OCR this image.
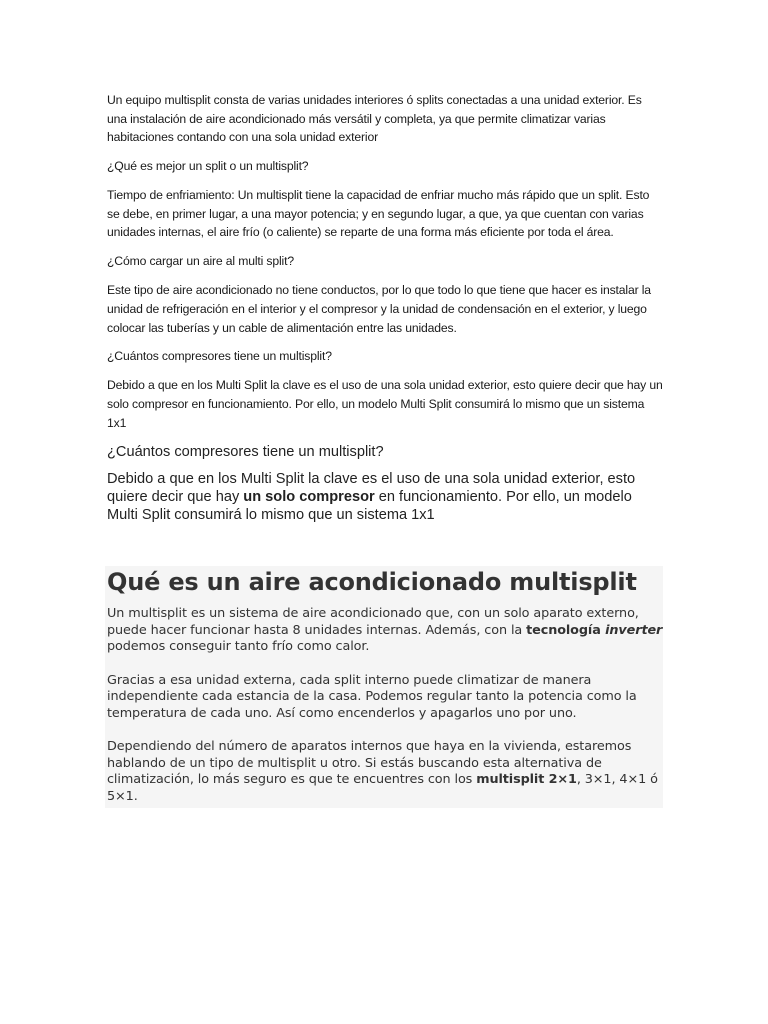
Un equipo multisplit consta de varias unidades interiores ó splits conectadas a una unidad exterior. Es una instalación de aire acondicionado más versátil y completa, ya que permite climatizar varias habitaciones contando con una sola unidad exterior

¿Qué es mejor un split o un multisplit?

Tiempo de enfriamiento: Un multisplit tiene la capacidad de enfriar mucho más rápido que un split. Esto se debe, en primer lugar, a una mayor potencia; y en segundo lugar, a que, ya que cuentan con varias unidades internas, el aire frío (o caliente) se reparte de una forma más eficiente por toda el área.

¿Cómo cargar un aire al multi split?

Este tipo de aire acondicionado no tiene conductos, por lo que todo lo que tiene que hacer es instalar la unidad de refrigeración en el interior y el compresor y la unidad de condensación en el exterior, y luego colocar las tuberías y un cable de alimentación entre las unidades.

¿Cuántos compresores tiene un multisplit?

Debido a que en los Multi Split la clave es el uso de una sola unidad exterior, esto quiere decir que hay un solo compresor en funcionamiento. Por ello, un modelo Multi Split consumirá lo mismo que un sistema 1x1

¿Cuántos compresores tiene un multisplit?

Debido a que en los Multi Split la clave es el uso de una sola unidad exterior, esto quiere decir que hay un solo compresor en funcionamiento. Por ello, un modelo Multi Split consumirá lo mismo que un sistema 1x1

Qué es un aire acondicionado multisplit

Un multisplit es un sistema de aire acondicionado que, con un solo aparato externo, puede hacer funcionar hasta 8 unidades internas. Además, con la tecnología inverter podemos conseguir tanto frío como calor.

Gracias a esa unidad externa, cada split interno puede climatizar de manera independiente cada estancia de la casa. Podemos regular tanto la potencia como la temperatura de cada uno. Así como encenderlos y apagarlos uno por uno.

Dependiendo del número de aparatos internos que haya en la vivienda, estaremos hablando de un tipo de multisplit u otro. Si estás buscando esta alternativa de climatización, lo más seguro es que te encuentres con los multisplit 2×1, 3×1, 4×1 ó 5×1.
